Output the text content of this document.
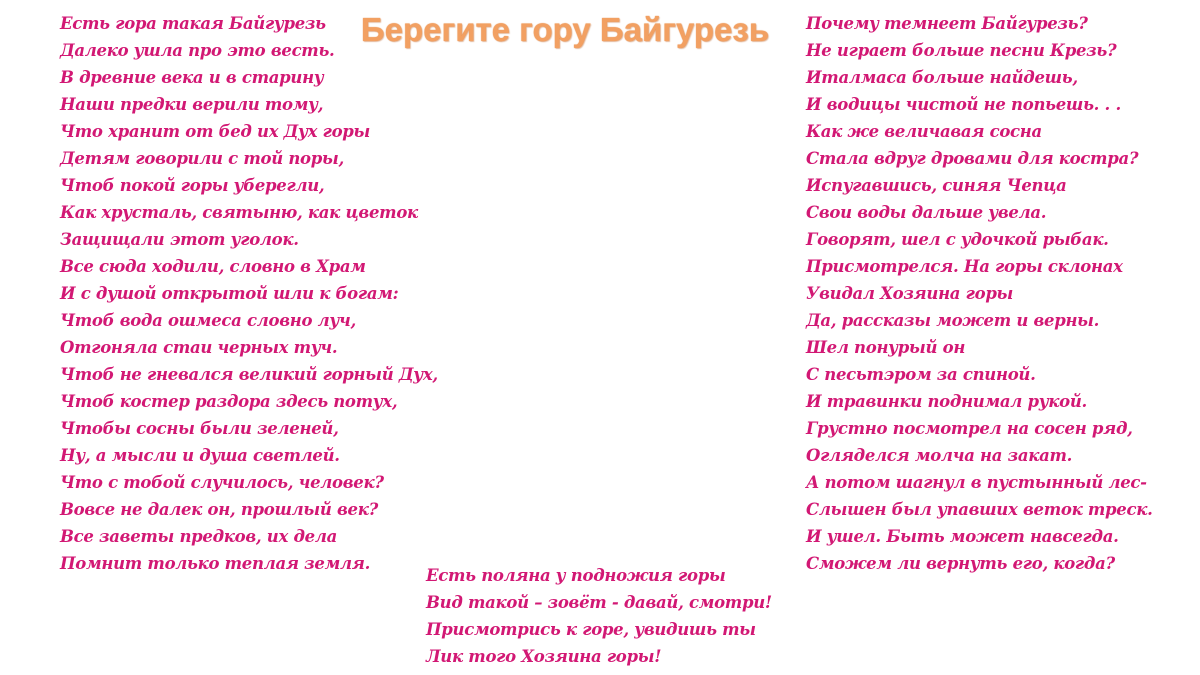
Берегите гору Байгурезь
Есть гора такая Байгурезь
Далеко ушла про это весть.
В древние века и в старину
Наши предки верили тому,
Что хранит от бед их Дух горы
Детям говорили с той поры,
Чтоб покой горы уберегли,
Как хрусталь, святыню, как цветок
Защищали этот уголок.
Все сюда ходили, словно в Храм
И с душой открытой шли к богам:
Чтоб вода ошмеса словно луч,
Отгоняла стаи черных туч.
Чтоб не гневался великий горный Дух,
Чтоб костер раздора здесь потух,
Чтобы сосны были зеленей,
Ну, а мысли и душа светлей.
Что с тобой случилось, человек?
Вовсе не далек он, прошлый век?
Все заветы предков, их дела
Помнит только теплая земля.
Почему темнеет Байгурезь?
Не играет больше песни Крезь?
Италмаса больше найдешь,
И водицы чистой не попьешь. . .
Как же величавая сосна
Стала вдруг дровами для костра?
Испугавшись, синяя Чепца
Свои воды дальше увела.
Говорят, шел с удочкой рыбак.
Присмотрелся. На горы склонах
Увидал Хозяина горы
Да, рассказы может и верны.
Шел понурый он
С песьтэром за спиной.
И травинки поднимал рукой.
Грустно посмотрел на сосен ряд,
Огляделся молча на закат.
А потом шагнул в пустынный лес-
Слышен был упавших веток треск.
И ушел. Быть может навсегда.
Сможем ли вернуть его, когда?
Есть поляна у подножия горы
Вид такой – зовёт - давай, смотри!
Присмотрись к горе, увидишь ты
Лик того Хозяина горы!
